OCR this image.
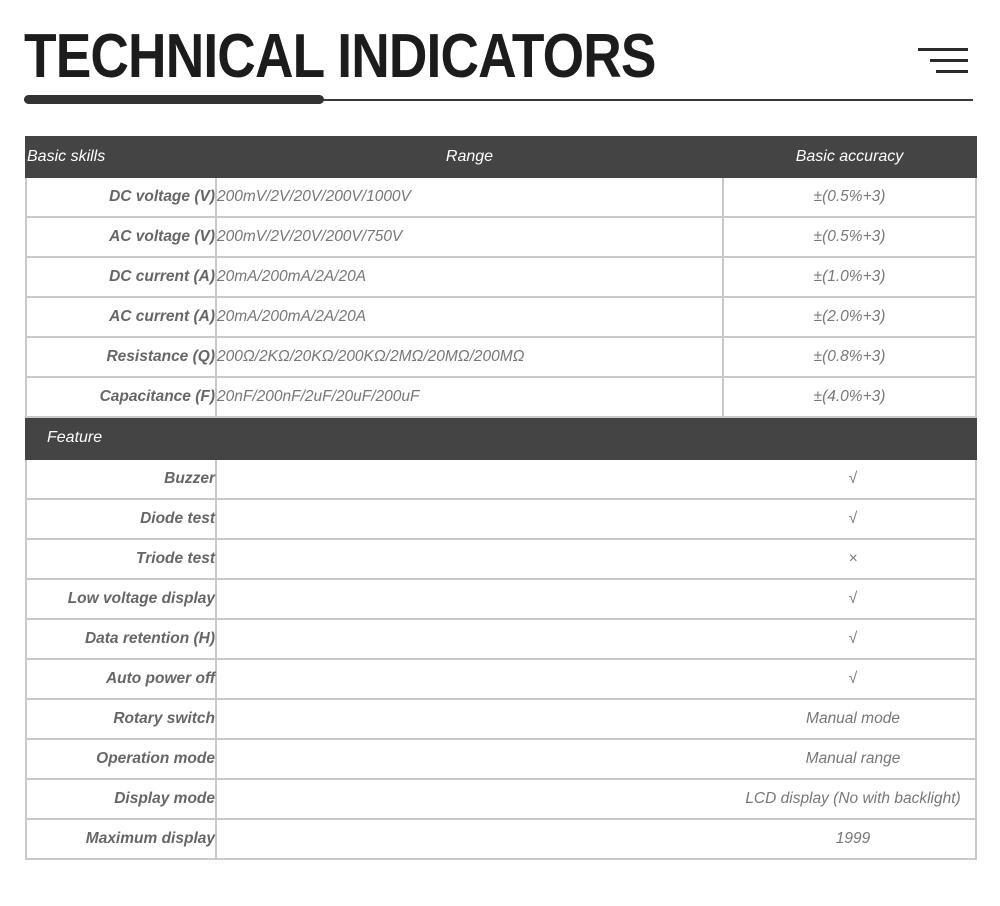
TECHNICAL INDICATORS
Basic skills	Range	Basic accuracy
DC voltage (V)	200mV/2V/20V/200V/1000V	±(0.5%+3)
AC voltage (V)	200mV/2V/20V/200V/750V	±(0.5%+3)
DC current (A)	20mA/200mA/2A/20A	±(1.0%+3)
AC current (A)	20mA/200mA/2A/20A	±(2.0%+3)
Resistance (Q)	200Ω/2KΩ/20KΩ/200KΩ/2MΩ/20MΩ/200MΩ	±(0.8%+3)
Capacitance (F)	20nF/200nF/2uF/20uF/200uF	±(4.0%+3)
Feature		
Buzzer	√	
Diode test	√	
Triode test	×	
Low voltage display	√	
Data retention (H)	√	
Auto power off	√	
Rotary switch	Manual mode	
Operation mode	Manual range	
Display mode	LCD display (No with backlight)	
Maximum display	1999	
